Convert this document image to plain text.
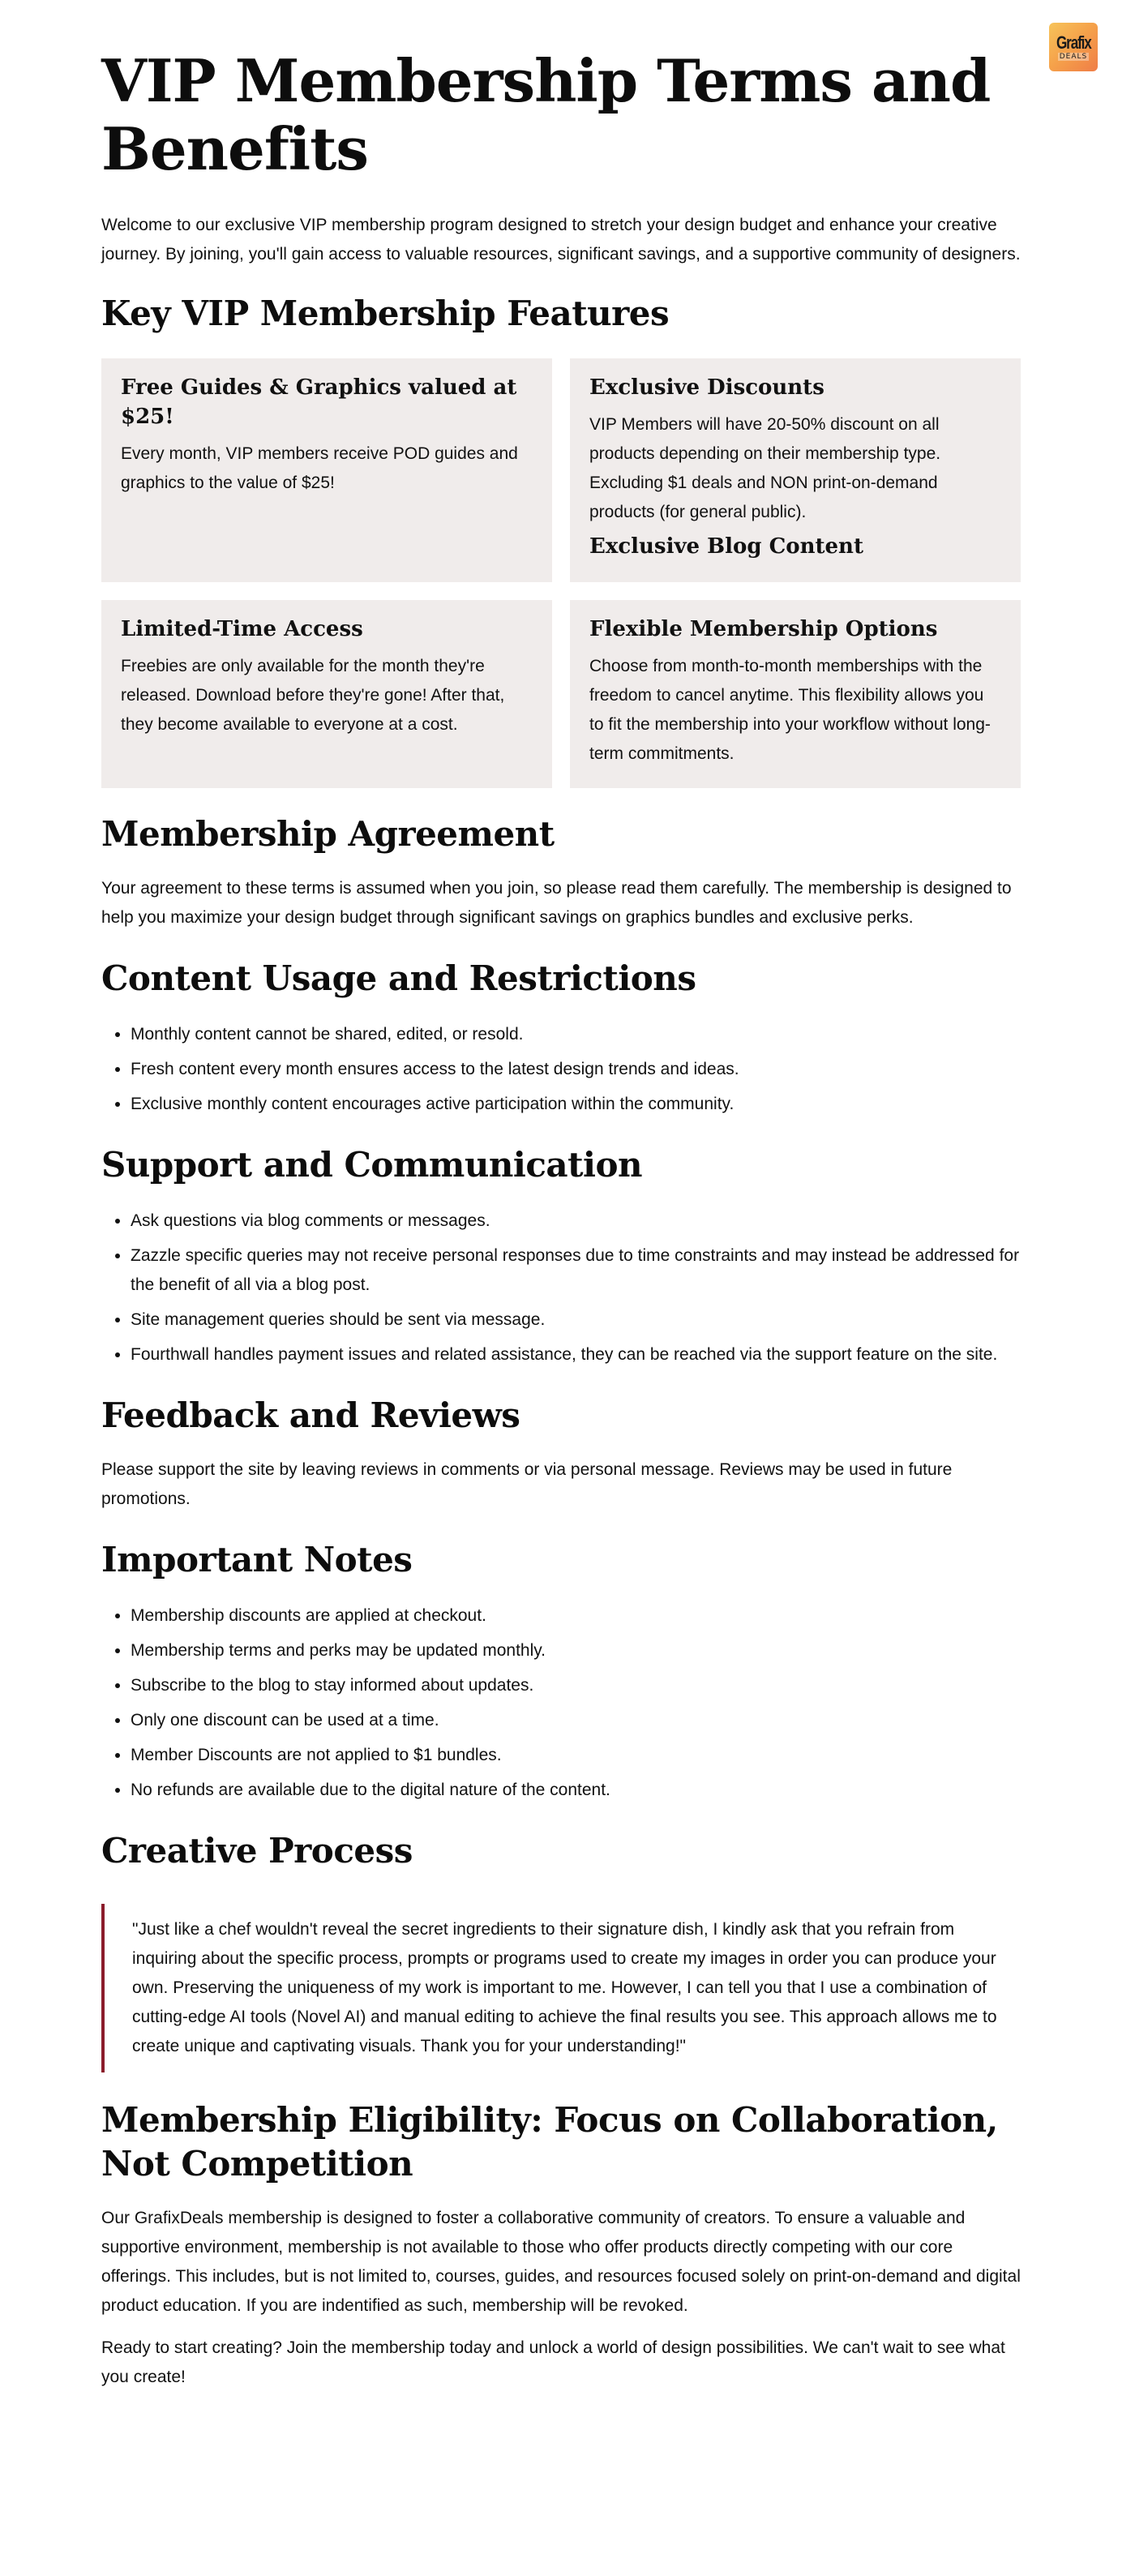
Grafix
DEALS
VIP Membership Terms and Benefits

Welcome to our exclusive VIP membership program designed to stretch your design budget and enhance your creative journey. By joining, you'll gain access to valuable resources, significant savings, and a supportive community of designers.

Key VIP Membership Features
Free Guides & Graphics valued at $25!

Every month, VIP members receive POD guides and graphics to the value of $25!

Exclusive Discounts

VIP Members will have 20-50% discount on all products depending on their membership type. Excluding $1 deals and NON print-on-demand products (for general public).

Exclusive Blog Content
Limited-Time Access

Freebies are only available for the month they're released. Download before they're gone! After that, they become available to everyone at a cost.

Flexible Membership Options

Choose from month-to-month memberships with the freedom to cancel anytime. This flexibility allows you to fit the membership into your workflow without long-term commitments.

Membership Agreement

Your agreement to these terms is assumed when you join, so please read them carefully. The membership is designed to help you maximize your design budget through significant savings on graphics bundles and exclusive perks.

Content Usage and Restrictions
• Monthly content cannot be shared, edited, or resold.
• Fresh content every month ensures access to the latest design trends and ideas.
• Exclusive monthly content encourages active participation within the community.
Support and Communication
• Ask questions via blog comments or messages.
• Zazzle specific queries may not receive personal responses due to time constraints and may instead be addressed for the benefit of all via a blog post.
• Site management queries should be sent via message.
• Fourthwall handles payment issues and related assistance, they can be reached via the support feature on the site.
Feedback and Reviews

Please support the site by leaving reviews in comments or via personal message. Reviews may be used in future promotions.

Important Notes
• Membership discounts are applied at checkout.
• Membership terms and perks may be updated monthly.
• Subscribe to the blog to stay informed about updates.
• Only one discount can be used at a time.
• Member Discounts are not applied to $1 bundles.
• No refunds are available due to the digital nature of the content.
Creative Process

"Just like a chef wouldn't reveal the secret ingredients to their signature dish, I kindly ask that you refrain from inquiring about the specific process, prompts or programs used to create my images in order you can produce your own. Preserving the uniqueness of my work is important to me. However, I can tell you that I use a combination of cutting-edge AI tools (Novel AI) and manual editing to achieve the final results you see. This approach allows me to create unique and captivating visuals. Thank you for your understanding!"

Membership Eligibility: Focus on Collaboration, Not Competition

Our GrafixDeals membership is designed to foster a collaborative community of creators. To ensure a valuable and supportive environment, membership is not available to those who offer products directly competing with our core offerings. This includes, but is not limited to, courses, guides, and resources focused solely on print-on-demand and digital product education. If you are indentified as such, membership will be revoked.

Ready to start creating? Join the membership today and unlock a world of design possibilities. We can't wait to see what you create!
